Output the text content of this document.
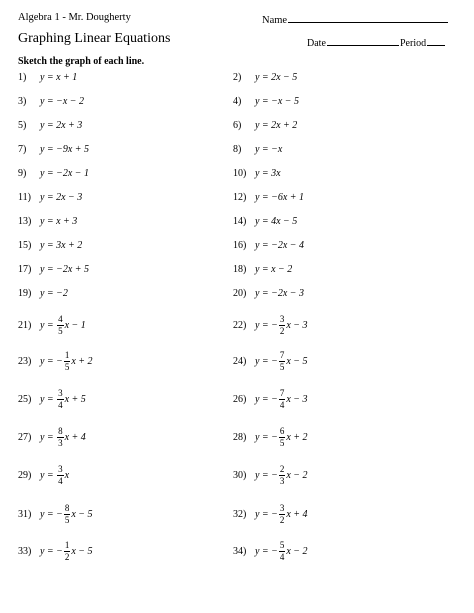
Algebra 1 - Mr. Dougherty	Name
Graphing Linear Equations	Date	Period
Sketch the graph of each line.
1)	y = x + 1	2)	y = 2x − 5
3)	y = −x − 2	4)	y = −x − 5
5)	y = 2x + 3	6)	y = 2x + 2
7)	y = −9x + 5	8)	y = −x
9)	y = −2x − 1	10) y = 3x
11) y = 2x − 3	12) y = −6x + 1
13) y = x + 3	14) y = 4x − 5
15) y = 3x + 2	16) y = −2x − 4
17) y = −2x + 5	18) y = x − 2
19) y = −2	20) y = −2x − 3
21) $y = \frac{4}{5}$ x − 1	22) y = − $\frac{3}{2}$ x − 3
23) y = − $\frac{1}{5}$ x + 2	24) y = − $\frac{7}{5}$ x − 5
25) $y = \frac{3}{4}$ x + 5	26) y = − $\frac{7}{4}$ x − 3
27) $y = \frac{8}{3}$ x + 4	28) y = − $\frac{6}{5}$ x + 2
29) $y = \frac{3}{4}$ x	30) y = − $\frac{2}{3}$ x − 2
31) y = − $\frac{8}{5}$ x − 5	32) y = − $\frac{3}{2}$ x + 4
33) y = − $\frac{1}{2}$ x − 5	34) y = − $\frac{5}{4}$ x − 2
